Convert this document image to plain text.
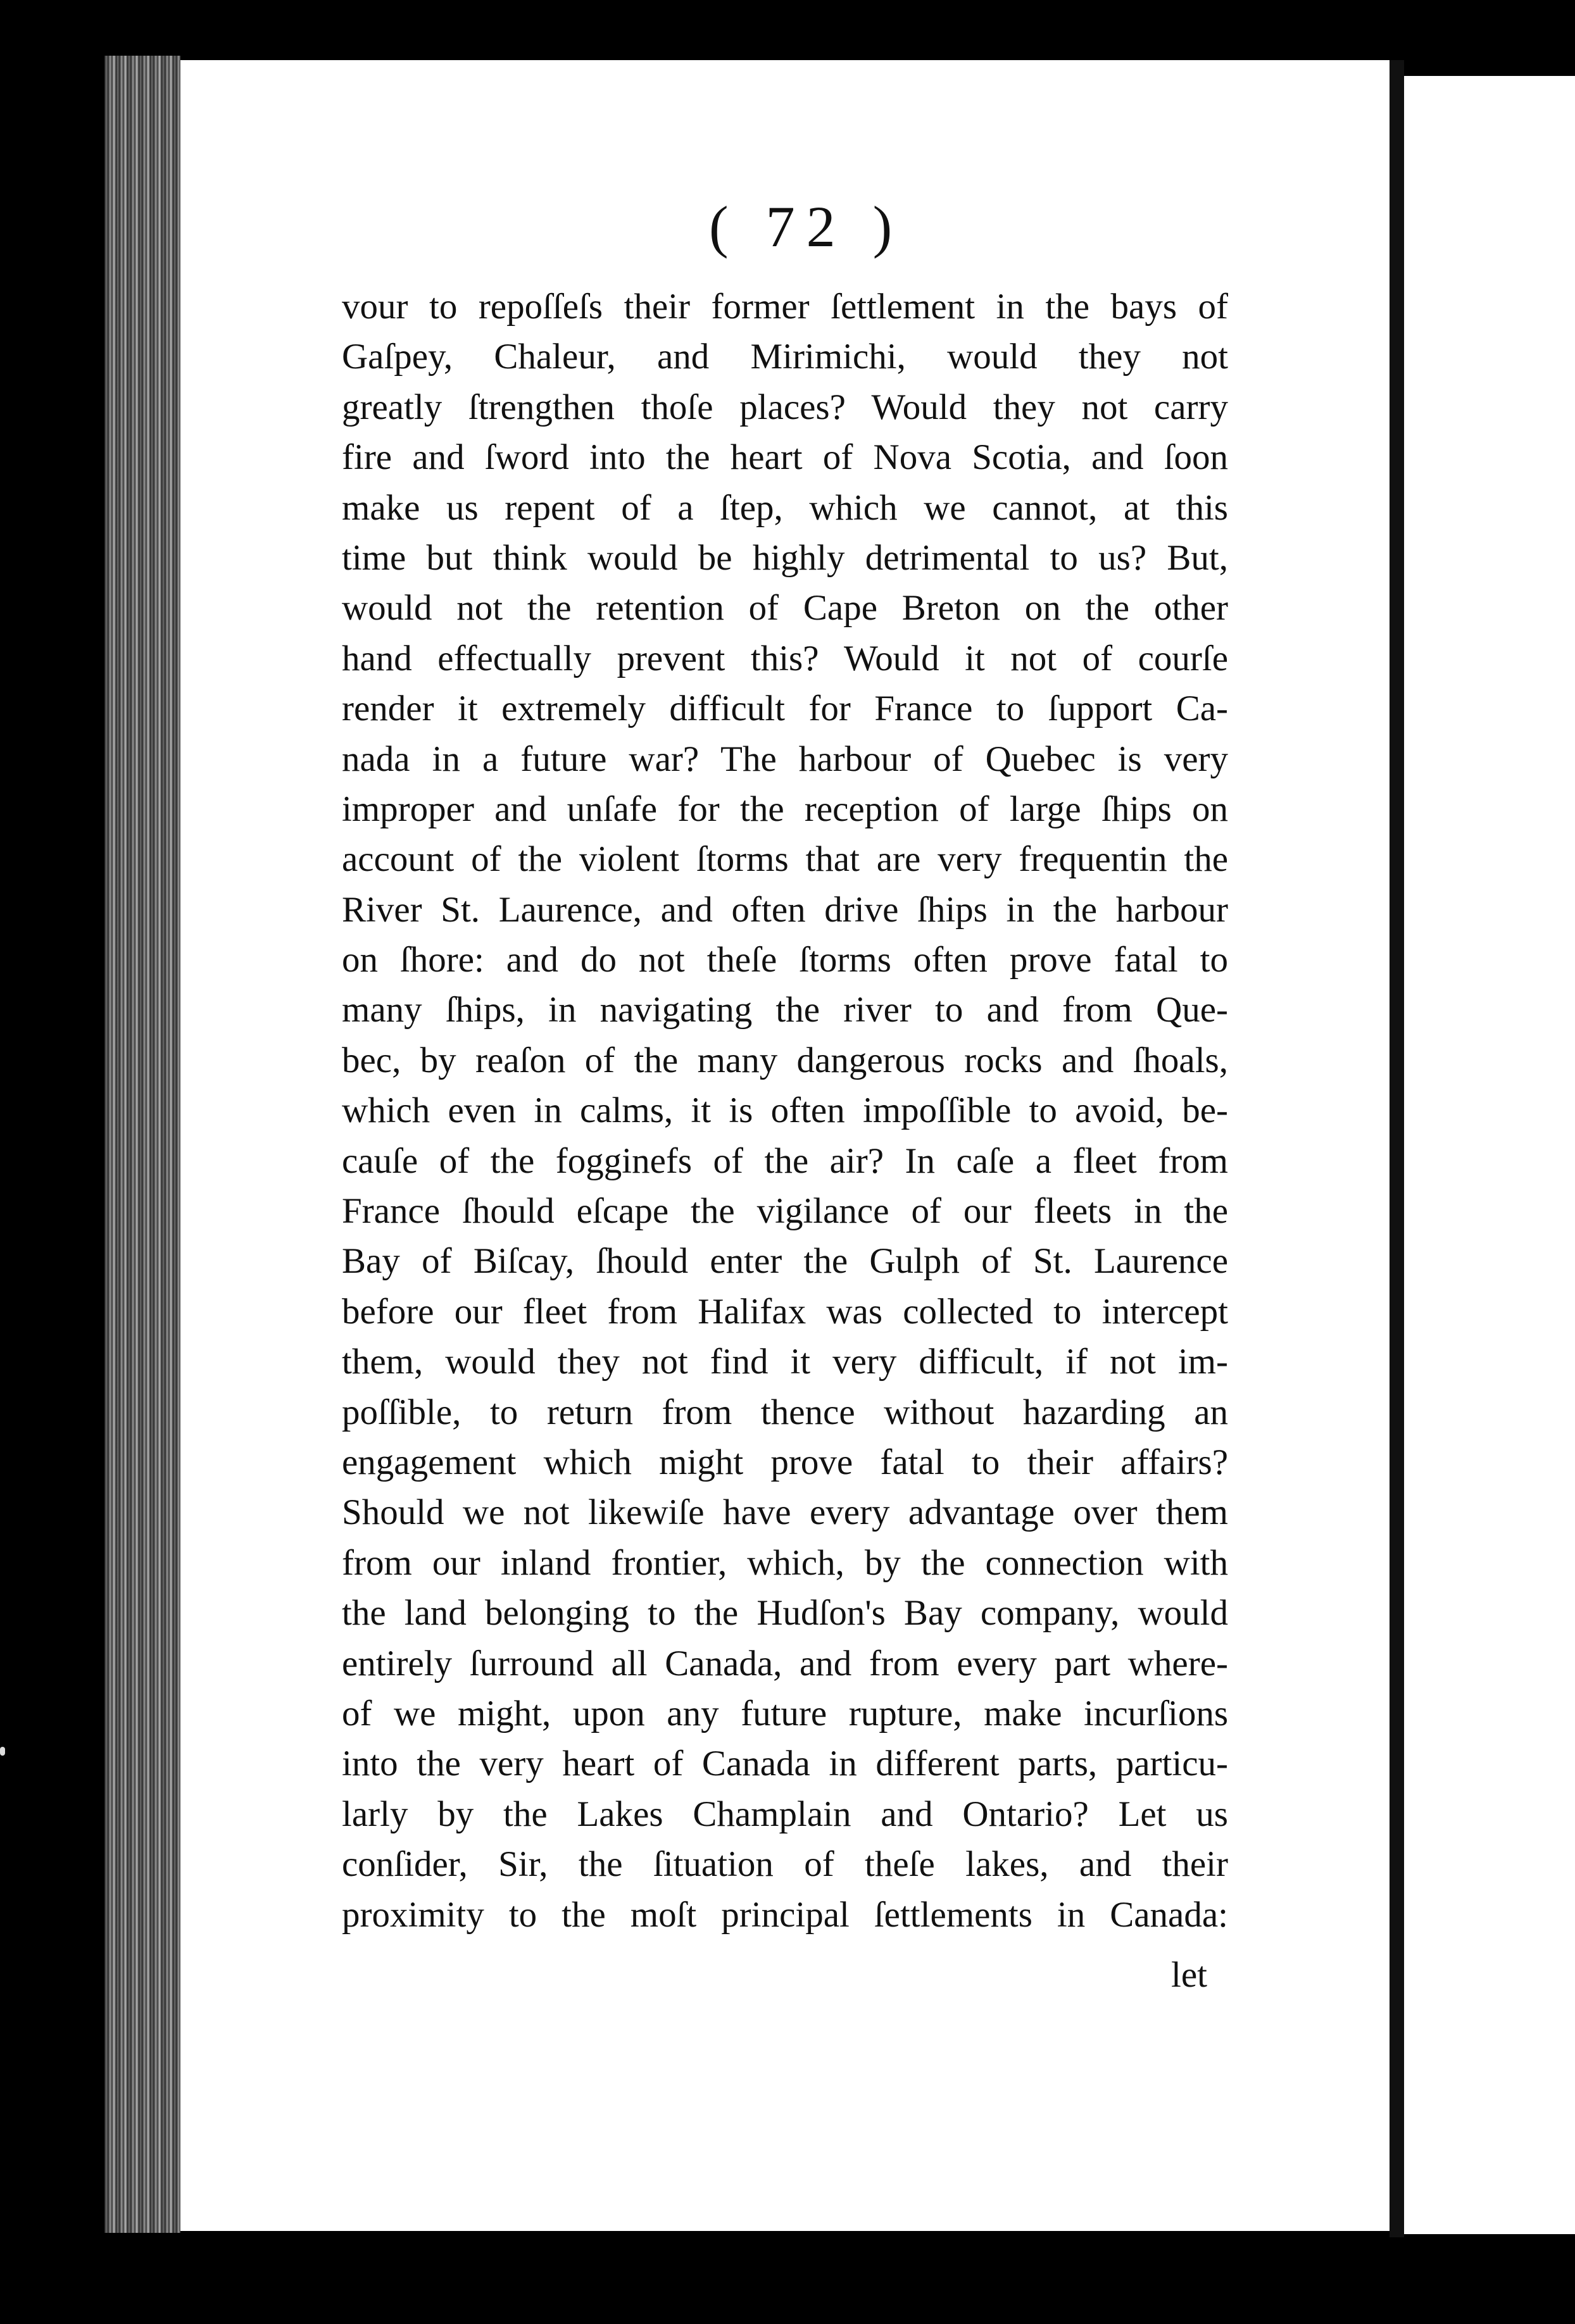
( 72 )
vour to repoſſeſs their former ſettlement in the bays of
Gaſpey, Chaleur, and Mirimichi, would they not
greatly ſtrengthen thoſe places? Would they not carry
fire and ſword into the heart of Nova Scotia, and ſoon
make us repent of a ſtep, which we cannot, at this
time but think would be highly detrimental to us? But,
would not the retention of Cape Breton on the other
hand effectually prevent this? Would it not of courſe
render it extremely difficult for France to ſupport Ca-
nada in a future war? The harbour of Quebec is very
improper and unſafe for the reception of large ſhips on
account of the violent ſtorms that are very frequentin the
River St. Laurence, and often drive ſhips in the harbour
on ſhore: and do not theſe ſtorms often prove fatal to
many ſhips, in navigating the river to and from Que-
bec, by reaſon of the many dangerous rocks and ſhoals,
which even in calms, it is often impoſſible to avoid, be-
cauſe of the fogginefs of the air? In caſe a fleet from
France ſhould eſcape the vigilance of our fleets in the
Bay of Biſcay, ſhould enter the Gulph of St. Laurence
before our fleet from Halifax was collected to intercept
them, would they not find it very difficult, if not im-
poſſible, to return from thence without hazarding an
engagement which might prove fatal to their affairs?
Should we not likewiſe have every advantage over them
from our inland frontier, which, by the connection with
the land belonging to the Hudſon's Bay company, would
entirely ſurround all Canada, and from every part where-
of we might, upon any future rupture, make incurſions
into the very heart of Canada in different parts, particu-
larly by the Lakes Champlain and Ontario? Let us
conſider, Sir, the ſituation of theſe lakes, and their
proximity to the moſt principal ſettlements in Canada:
let
